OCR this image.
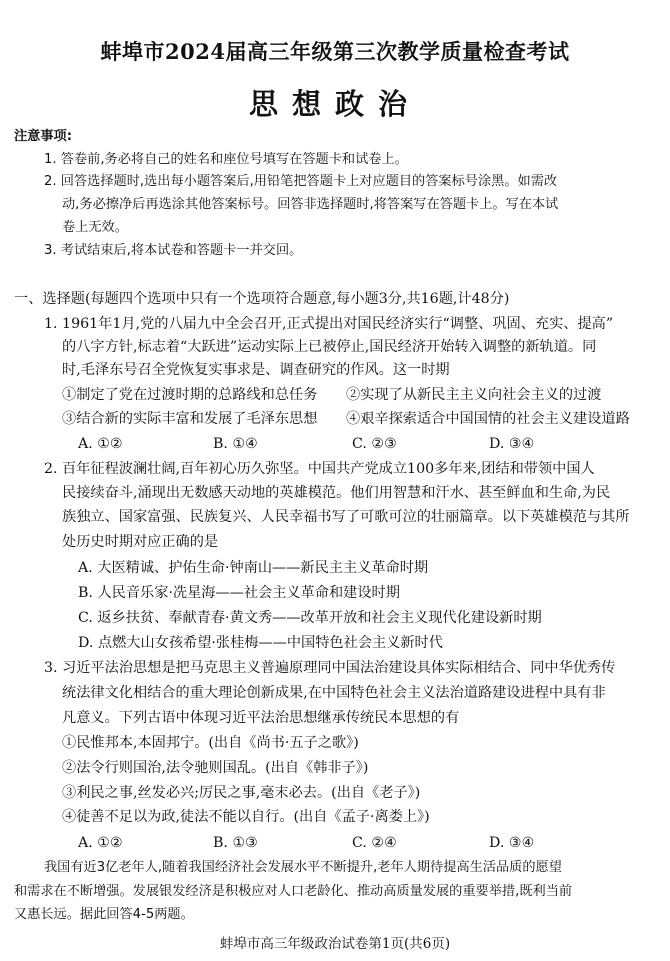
蚌埠市2024届高三年级第三次教学质量检查考试
思想政治
注意事项:
1. 答卷前,务必将自己的姓名和座位号填写在答题卡和试卷上。
2. 回答选择题时,选出每小题答案后,用铅笔把答题卡上对应题目的答案标号涂黑。如需改
动,务必擦净后再选涂其他答案标号。回答非选择题时,将答案写在答题卡上。写在本试
卷上无效。
3. 考试结束后,将本试卷和答题卡一并交回。
一、选择题(每题四个选项中只有一个选项符合题意,每小题3分,共16题,计48分)
1. 1961年1月,党的八届九中全会召开,正式提出对国民经济实行“调整、巩固、充实、提高”
的八字方针,标志着“大跃进”运动实际上已被停止,国民经济开始转入调整的新轨道。同
时,毛泽东号召全党恢复实事求是、调查研究的作风。这一时期
①制定了党在过渡时期的总路线和总任务 ②实现了从新民主主义向社会主义的过渡
③结合新的实际丰富和发展了毛泽东思想 ④艰辛探索适合中国国情的社会主义建设道路
A. ①②	B. ①④	C. ②③	D. ③④
2. 百年征程波澜壮阔,百年初心历久弥坚。中国共产党成立100多年来,团结和带领中国人
民接续奋斗,涌现出无数感天动地的英雄模范。他们用智慧和汗水、甚至鲜血和生命,为民
族独立、国家富强、民族复兴、人民幸福书写了可歌可泣的壮丽篇章。以下英雄模范与其所
处历史时期对应正确的是
A. 大医精诚、护佑生命·钟南山——新民主主义革命时期
B. 人民音乐家·冼星海——社会主义革命和建设时期
C. 返乡扶贫、奉献青春·黄文秀——改革开放和社会主义现代化建设新时期
D. 点燃大山女孩希望·张桂梅——中国特色社会主义新时代
3. 习近平法治思想是把马克思主义普遍原理同中国法治建设具体实际相结合、同中华优秀传
统法律文化相结合的重大理论创新成果,在中国特色社会主义法治道路建设进程中具有非
凡意义。下列古语中体现习近平法治思想继承传统民本思想的有
①民惟邦本,本固邦宁。(出自《尚书·五子之歌》)
②法令行则国治,法令驰则国乱。(出自《韩非子》)
③利民之事,丝发必兴;厉民之事,毫末必去。(出自《老子》)
④徒善不足以为政,徒法不能以自行。(出自《孟子·离娄上》)
A. ①②	B. ①③	C. ②④	D. ③④
我国有近3亿老年人,随着我国经济社会发展水平不断提升,老年人期待提高生活品质的愿望
和需求在不断增强。发展银发经济是积极应对人口老龄化、推动高质量发展的重要举措,既利当前
又惠长远。据此回答4-5两题。
蚌埠市高三年级政治试卷第1页(共6页)
